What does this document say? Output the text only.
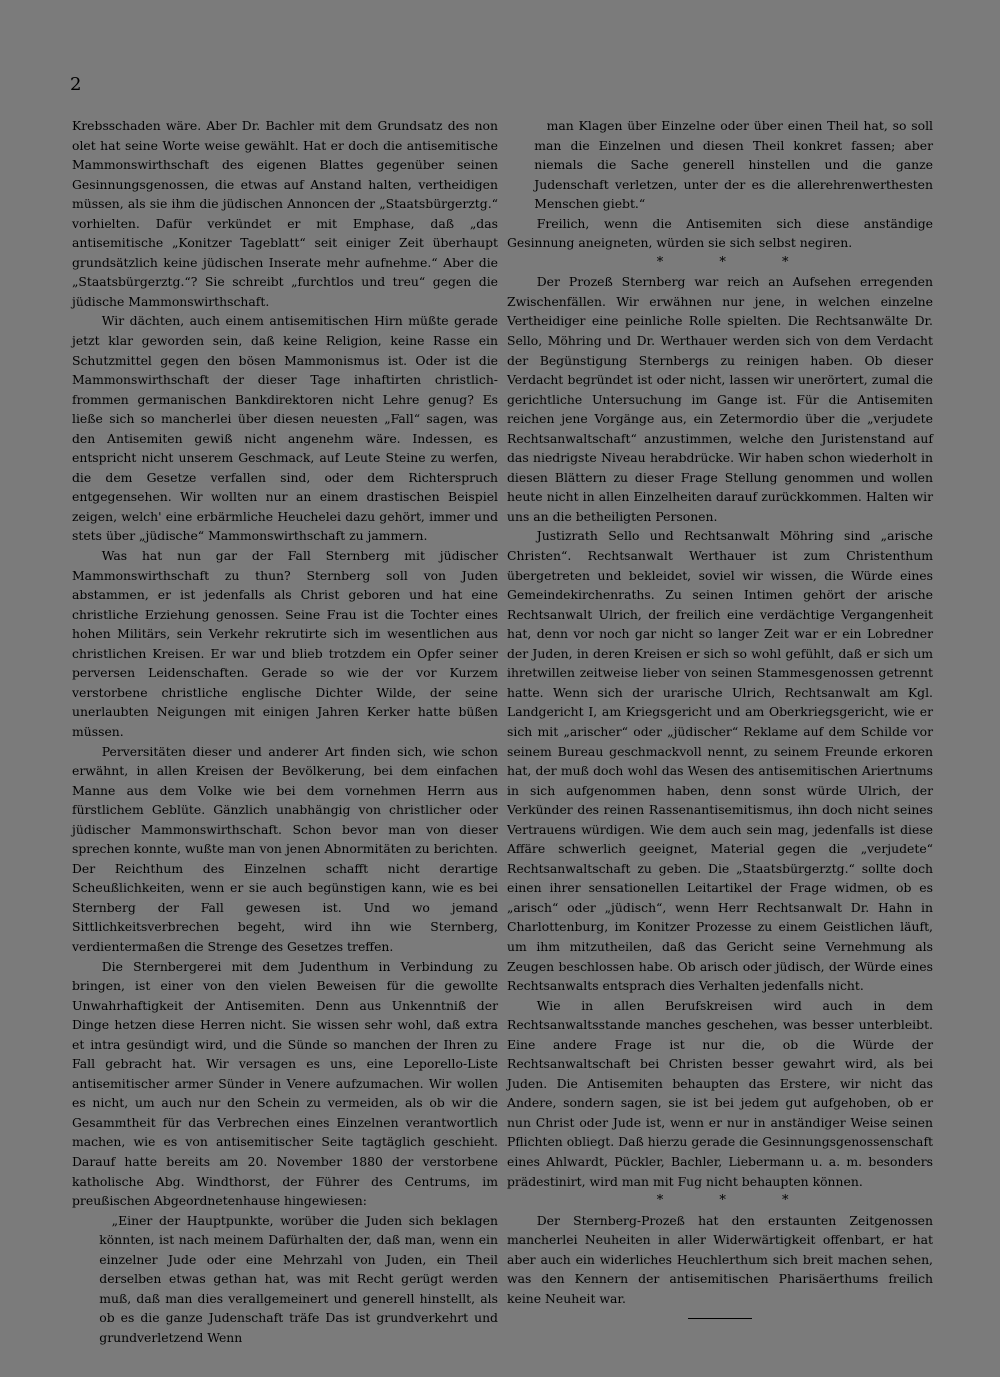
2

Krebsschaden wäre. Aber Dr. Bachler mit dem Grundsatz des non olet hat seine Worte weise gewählt. Hat er doch die antisemitische Mammonswirthschaft des eigenen Blattes gegenüber seinen Gesinnungsgenossen, die etwas auf Anstand halten, vertheidigen müssen, als sie ihm die jüdischen Annoncen der „Staatsbürgerztg.“ vorhielten. Dafür verkündet er mit Emphase, daß „das antisemitische „Konitzer Tageblatt“ seit einiger Zeit überhaupt grundsätzlich keine jüdischen Inserate mehr aufnehme.“ Aber die „Staatsbürgerztg.“? Sie schreibt „furchtlos und treu“ gegen die jüdische Mammonswirthschaft.

Wir dächten, auch einem antisemitischen Hirn müßte gerade jetzt klar geworden sein, daß keine Religion, keine Rasse ein Schutzmittel gegen den bösen Mammonismus ist. Oder ist die Mammonswirthschaft der dieser Tage inhaftirten christlich-frommen germanischen Bankdirektoren nicht Lehre genug? Es ließe sich so mancherlei über diesen neuesten „Fall“ sagen, was den Antisemiten gewiß nicht angenehm wäre. Indessen, es entspricht nicht unserem Geschmack, auf Leute Steine zu werfen, die dem Gesetze verfallen sind, oder dem Richterspruch entgegensehen. Wir wollten nur an einem drastischen Beispiel zeigen, welch' eine erbärmliche Heuchelei dazu gehört, immer und stets über „jüdische“ Mammonswirthschaft zu jammern.

Was hat nun gar der Fall Sternberg mit jüdischer Mammonswirthschaft zu thun? Sternberg soll von Juden abstammen, er ist jedenfalls als Christ geboren und hat eine christliche Erziehung genossen. Seine Frau ist die Tochter eines hohen Militärs, sein Verkehr rekrutirte sich im wesentlichen aus christlichen Kreisen. Er war und blieb trotzdem ein Opfer seiner perversen Leidenschaften. Gerade so wie der vor Kurzem verstorbene christliche englische Dichter Wilde, der seine unerlaubten Neigungen mit einigen Jahren Kerker hatte büßen müssen.

Perversitäten dieser und anderer Art finden sich, wie schon erwähnt, in allen Kreisen der Bevölkerung, bei dem einfachen Manne aus dem Volke wie bei dem vornehmen Herrn aus fürstlichem Geblüte. Gänzlich unabhängig von christlicher oder jüdischer Mammonswirthschaft. Schon bevor man von dieser sprechen konnte, wußte man von jenen Abnormitäten zu berichten. Der Reichthum des Einzelnen schafft nicht derartige Scheußlichkeiten, wenn er sie auch begünstigen kann, wie es bei Sternberg der Fall gewesen ist. Und wo jemand Sittlichkeitsverbrechen begeht, wird ihn wie Sternberg, verdientermaßen die Strenge des Gesetzes treffen.

Die Sternbergerei mit dem Judenthum in Verbindung zu bringen, ist einer von den vielen Beweisen für die gewollte Unwahrhaftigkeit der Antisemiten. Denn aus Unkenntniß der Dinge hetzen diese Herren nicht. Sie wissen sehr wohl, daß extra et intra gesündigt wird, und die Sünde so manchen der Ihren zu Fall gebracht hat. Wir versagen es uns, eine Leporello-Liste antisemitischer armer Sünder in Venere aufzumachen. Wir wollen es nicht, um auch nur den Schein zu vermeiden, als ob wir die Gesammtheit für das Verbrechen eines Einzelnen verantwortlich machen, wie es von antisemitischer Seite tagtäglich geschieht. Darauf hatte bereits am 20. November 1880 der verstorbene katholische Abg. Windthorst, der Führer des Centrums, im preußischen Abgeordnetenhause hingewiesen:

„Einer der Hauptpunkte, worüber die Juden sich beklagen könnten, ist nach meinem Dafürhalten der, daß man, wenn ein einzelner Jude oder eine Mehrzahl von Juden, ein Theil derselben etwas gethan hat, was mit Recht gerügt werden muß, daß man dies verallgemeinert und generell hinstellt, als ob es die ganze Judenschaft träfe Das ist grundverkehrt und grundverletzend Wenn

man Klagen über Einzelne oder über einen Theil hat, so soll man die Einzelnen und diesen Theil konkret fassen; aber niemals die Sache generell hinstellen und die ganze Judenschaft verletzen, unter der es die allerehrenwerthesten Menschen giebt.“

Freilich, wenn die Antisemiten sich diese anständige Gesinnung aneigneten, würden sie sich selbst negiren.

* * *

Der Prozeß Sternberg war reich an Aufsehen erregenden Zwischenfällen. Wir erwähnen nur jene, in welchen einzelne Vertheidiger eine peinliche Rolle spielten. Die Rechtsanwälte Dr. Sello, Möhring und Dr. Werthauer werden sich von dem Verdacht der Begünstigung Sternbergs zu reinigen haben. Ob dieser Verdacht begründet ist oder nicht, lassen wir unerörtert, zumal die gerichtliche Untersuchung im Gange ist. Für die Antisemiten reichen jene Vorgänge aus, ein Zetermordio über die „verjudete Rechtsanwaltschaft“ anzustimmen, welche den Juristenstand auf das niedrigste Niveau herabdrücke. Wir haben schon wiederholt in diesen Blättern zu dieser Frage Stellung genommen und wollen heute nicht in allen Einzelheiten darauf zurückkommen. Halten wir uns an die betheiligten Personen.

Justizrath Sello und Rechtsanwalt Möhring sind „arische Christen“. Rechtsanwalt Werthauer ist zum Christenthum übergetreten und bekleidet, soviel wir wissen, die Würde eines Gemeindekirchenraths. Zu seinen Intimen gehört der arische Rechtsanwalt Ulrich, der freilich eine verdächtige Vergangenheit hat, denn vor noch gar nicht so langer Zeit war er ein Lobredner der Juden, in deren Kreisen er sich so wohl gefühlt, daß er sich um ihretwillen zeitweise lieber von seinen Stammesgenossen getrennt hatte. Wenn sich der urarische Ulrich, Rechtsanwalt am Kgl. Landgericht I, am Kriegsgericht und am Oberkriegsgericht, wie er sich mit „arischer“ oder „jüdischer“ Reklame auf dem Schilde vor seinem Bureau geschmackvoll nennt, zu seinem Freunde erkoren hat, der muß doch wohl das Wesen des antisemitischen Ariertnums in sich aufgenommen haben, denn sonst würde Ulrich, der Verkünder des reinen Rassenantisemitismus, ihn doch nicht seines Vertrauens würdigen. Wie dem auch sein mag, jedenfalls ist diese Affäre schwerlich geeignet, Material gegen die „verjudete“ Rechtsanwaltschaft zu geben. Die „Staatsbürgerztg.“ sollte doch einen ihrer sensationellen Leitartikel der Frage widmen, ob es „arisch“ oder „jüdisch“, wenn Herr Rechtsanwalt Dr. Hahn in Charlottenburg, im Konitzer Prozesse zu einem Geistlichen läuft, um ihm mitzutheilen, daß das Gericht seine Vernehmung als Zeugen beschlossen habe. Ob arisch oder jüdisch, der Würde eines Rechtsanwalts entsprach dies Verhalten jedenfalls nicht.

Wie in allen Berufskreisen wird auch in dem Rechtsanwaltsstande manches geschehen, was besser unterbleibt. Eine andere Frage ist nur die, ob die Würde der Rechtsanwaltschaft bei Christen besser gewahrt wird, als bei Juden. Die Antisemiten behaupten das Erstere, wir nicht das Andere, sondern sagen, sie ist bei jedem gut aufgehoben, ob er nun Christ oder Jude ist, wenn er nur in anständiger Weise seinen Pflichten obliegt. Daß hierzu gerade die Gesinnungsgenossenschaft eines Ahlwardt, Pückler, Bachler, Liebermann u. a. m. besonders prädestinirt, wird man mit Fug nicht behaupten können.

* * *

Der Sternberg-Prozeß hat den erstaunten Zeitgenossen mancherlei Neuheiten in aller Widerwärtigkeit offenbart, er hat aber auch ein widerliches Heuchlerthum sich breit machen sehen, was den Kennern der antisemitischen Pharisäerthums freilich keine Neuheit war.
